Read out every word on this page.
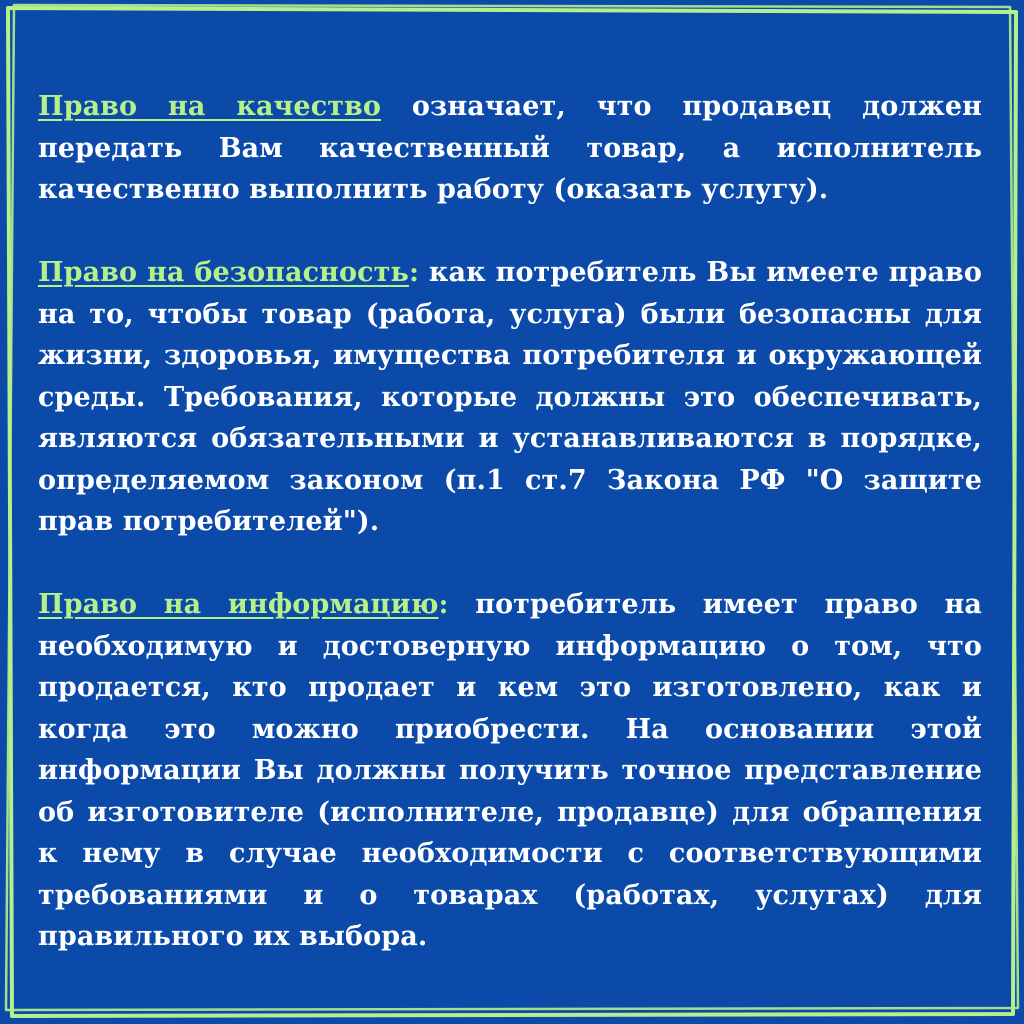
Право на качество означает, что продавец должен передать Вам качественный товар, а исполнитель качественно выполнить работу (оказать услугу).

Право на безопасность: как потребитель Вы имеете право на то, чтобы товар (работа, услуга) были безопасны для жизни, здоровья, имущества потребителя и окружающей среды. Требования, которые должны это обеспечивать, являются обязательными и устанавливаются в порядке, определяемом законом (п.1 ст.7 Закона РФ "О защите прав потребителей").

Право на информацию: потребитель имеет право на необходимую и достоверную информацию о том, что продается, кто продает и кем это изготовлено, как и когда это можно приобрести. На основании этой информации Вы должны получить точное представление об изготовителе (исполнителе, продавце) для обращения к нему в случае необходимости с соответствующими требованиями и о товарах (работах, услугах) для правильного их выбора.
